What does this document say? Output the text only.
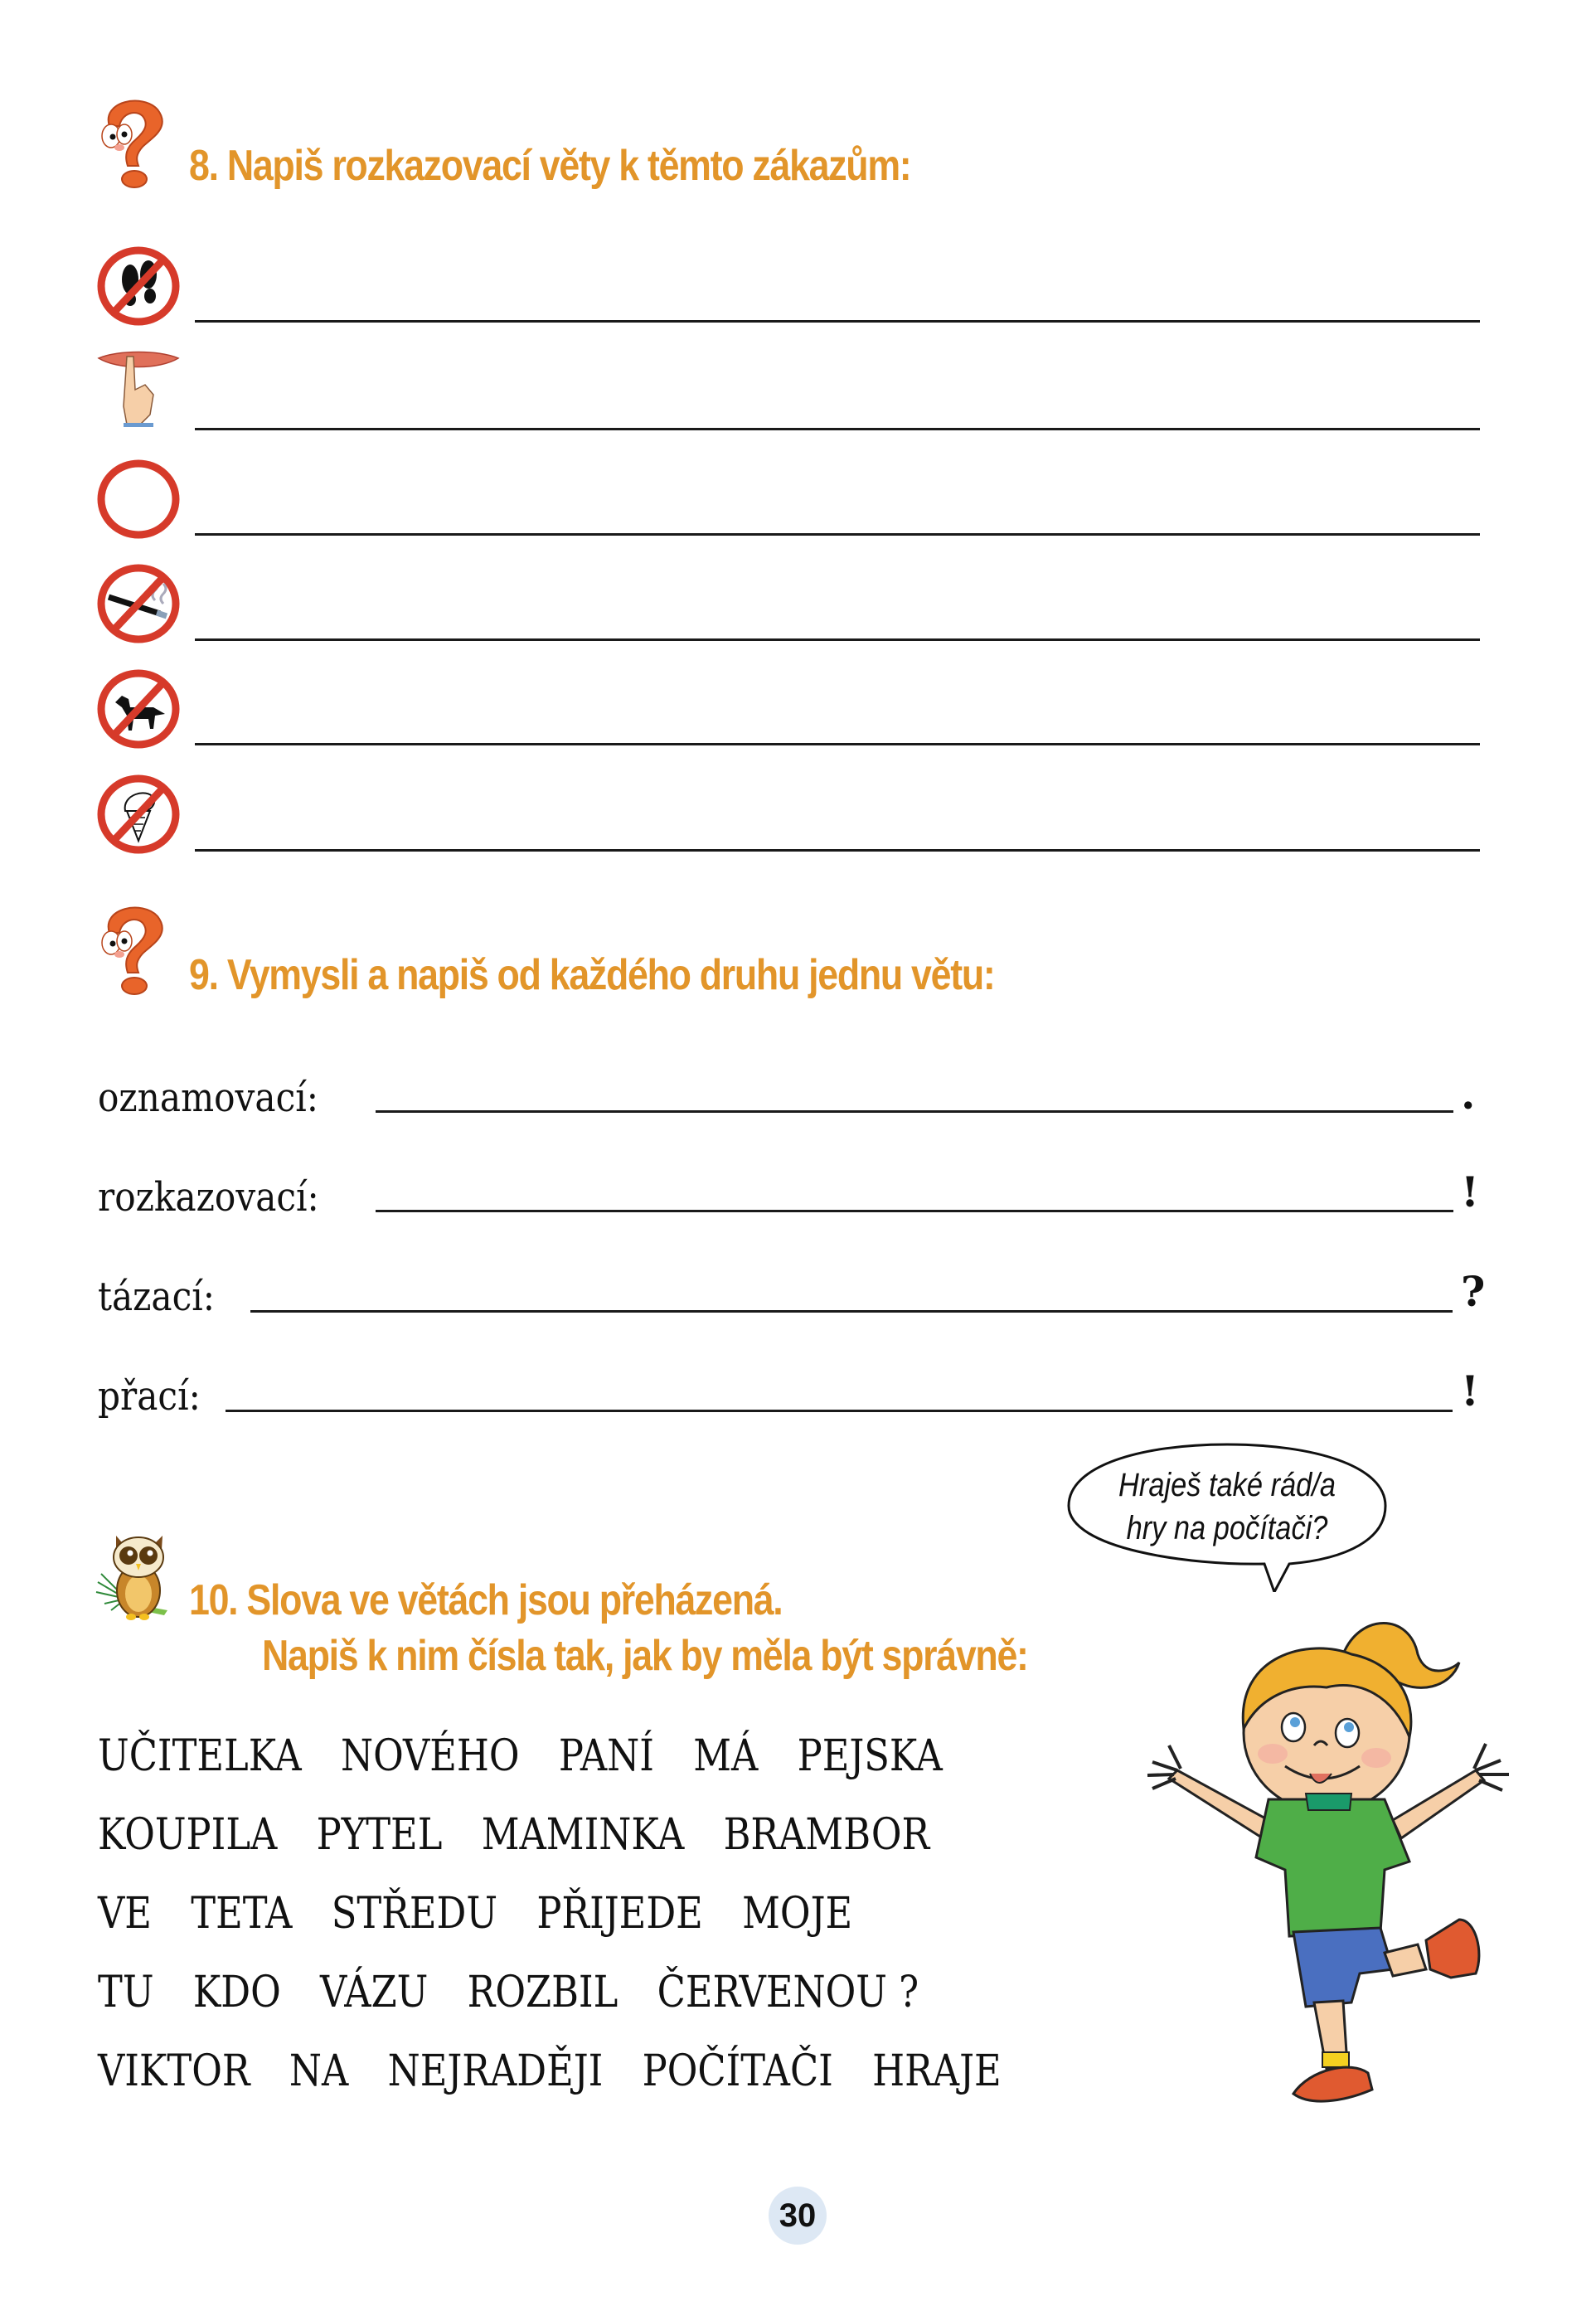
8. Napiš rozkazovací věty k těmto zákazům:
9. Vymysli a napiš od každého druhu jednu větu:
oznamovací:	.
rozkazovací:	!
tázací:	?
přací:	!
10. Slova ve větách jsou přeházená.
Napiš k nim čísla tak, jak by měla být správně:
Hraješ také rád/a
hry na počítači?
UČITELKA NOVÉHO PANÍ MÁ PEJSKA
KOUPILA PYTEL MAMINKA BRAMBOR
VE TETA STŘEDU PŘIJEDE MOJE
TU KDO VÁZU ROZBIL ČERVENOU ?
VIKTOR NA NEJRADĚJI POČÍTAČI HRAJE
30
